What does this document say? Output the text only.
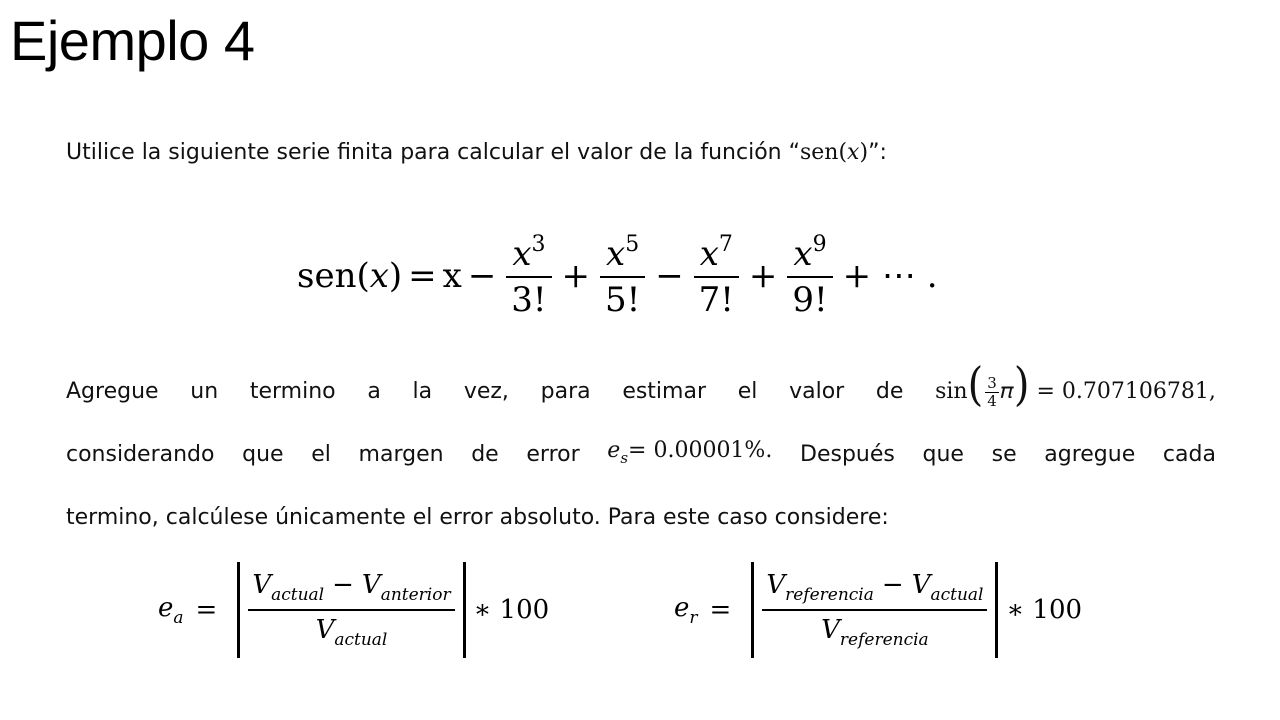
Ejemplo 4
Utilice la siguiente serie finita para calcular el valor de la función “sen(𝑥)”:
sen(𝑥) = $x - \frac{𝑥^3}{3!} + \frac{𝑥^5}{5!} - \frac{𝑥^7}{7!} + \frac{𝑥^9}{9!}$ + ⋯ .
Agregue un termino a la vez, para estimar el valor de $\sin( \frac{3}{4}$ 𝜋) = 0.707106781,
considerando que el margen de error 𝑒$_𝑠$= 0.00001%. Después que se agregue cada
termino, calcúlese únicamente el error absoluto. Para este caso considere:
𝑒$_𝑎$ = $\frac{𝑉_{𝑎𝑐𝑡𝑢𝑎𝑙} - 𝑉_{𝑎𝑛𝑡𝑒𝑟𝑖𝑜𝑟}}{𝑉_{𝑎𝑐𝑡𝑢𝑎𝑙}}$ ∗ 100	𝑒$_𝑟$ = $\frac{𝑉_{𝑟𝑒𝑓𝑒𝑟𝑒𝑛𝑐𝑖𝑎} - 𝑉_{𝑎𝑐𝑡𝑢𝑎𝑙}}{𝑉_{𝑟𝑒𝑓𝑒𝑟𝑒𝑛𝑐𝑖𝑎}}$ ∗ 100
